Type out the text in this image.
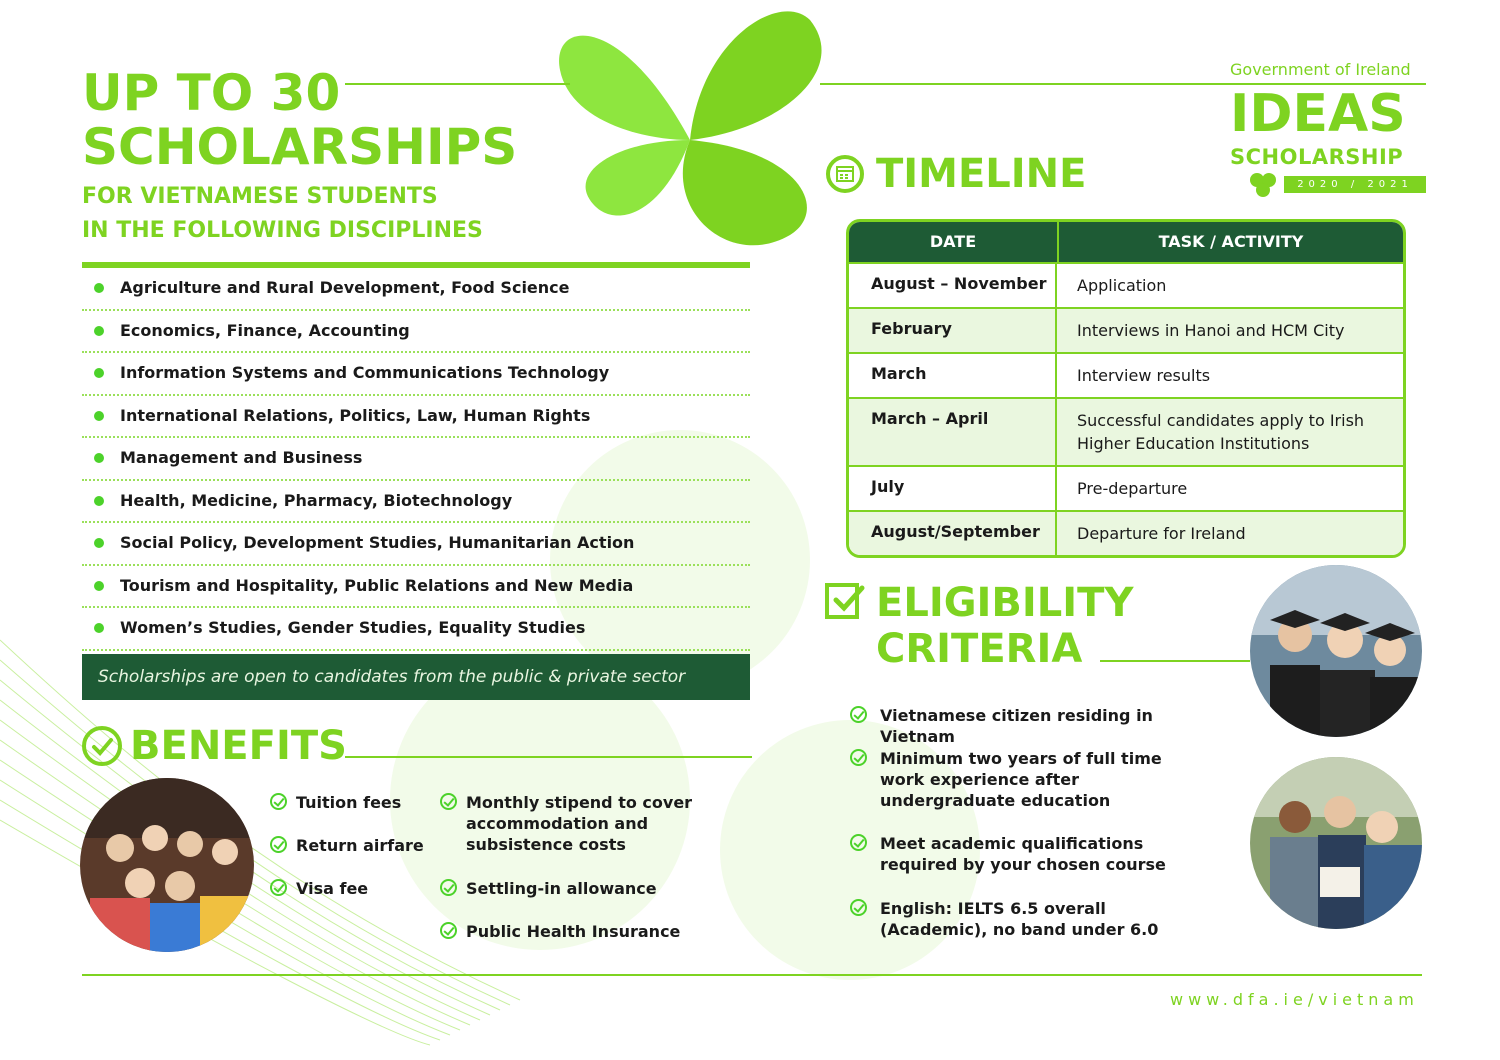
UP TO 30
SCHOLARSHIPS
FOR VIETNAMESE STUDENTS
IN THE FOLLOWING DISCIPLINES
Agriculture and Rural Development, Food Science
Economics, Finance, Accounting
Information Systems and Communications Technology
International Relations, Politics, Law, Human Rights
Management and Business
Health, Medicine, Pharmacy, Biotechnology
Social Policy, Development Studies, Humanitarian Action
Tourism and Hospitality, Public Relations and New Media
Women’s Studies, Gender Studies, Equality Studies
Scholarships are open to candidates from the public & private sector
BENEFITS
Tuition fees
Return airfare
Visa fee
Monthly stipend to cover accommodation and subsistence costs
Settling-in allowance
Public Health Insurance
Government of Ireland
IDEAS
SCHOLARSHIP
2020 / 2021
TIMELINE
DATE	TASK / ACTIVITY
August – November	Application
February	Interviews in Hanoi and HCM City
March	Interview results
March – April	Successful candidates apply to Irish Higher Education Institutions
July	Pre-departure
August/September	Departure for Ireland
ELIGIBILITY
CRITERIA
Vietnamese citizen residing in Vietnam
Minimum two years of full time work experience after undergraduate education
Meet academic qualifications required by your chosen course
English: IELTS 6.5 overall (Academic), no band under 6.0
www.dfa.ie/vietnam
